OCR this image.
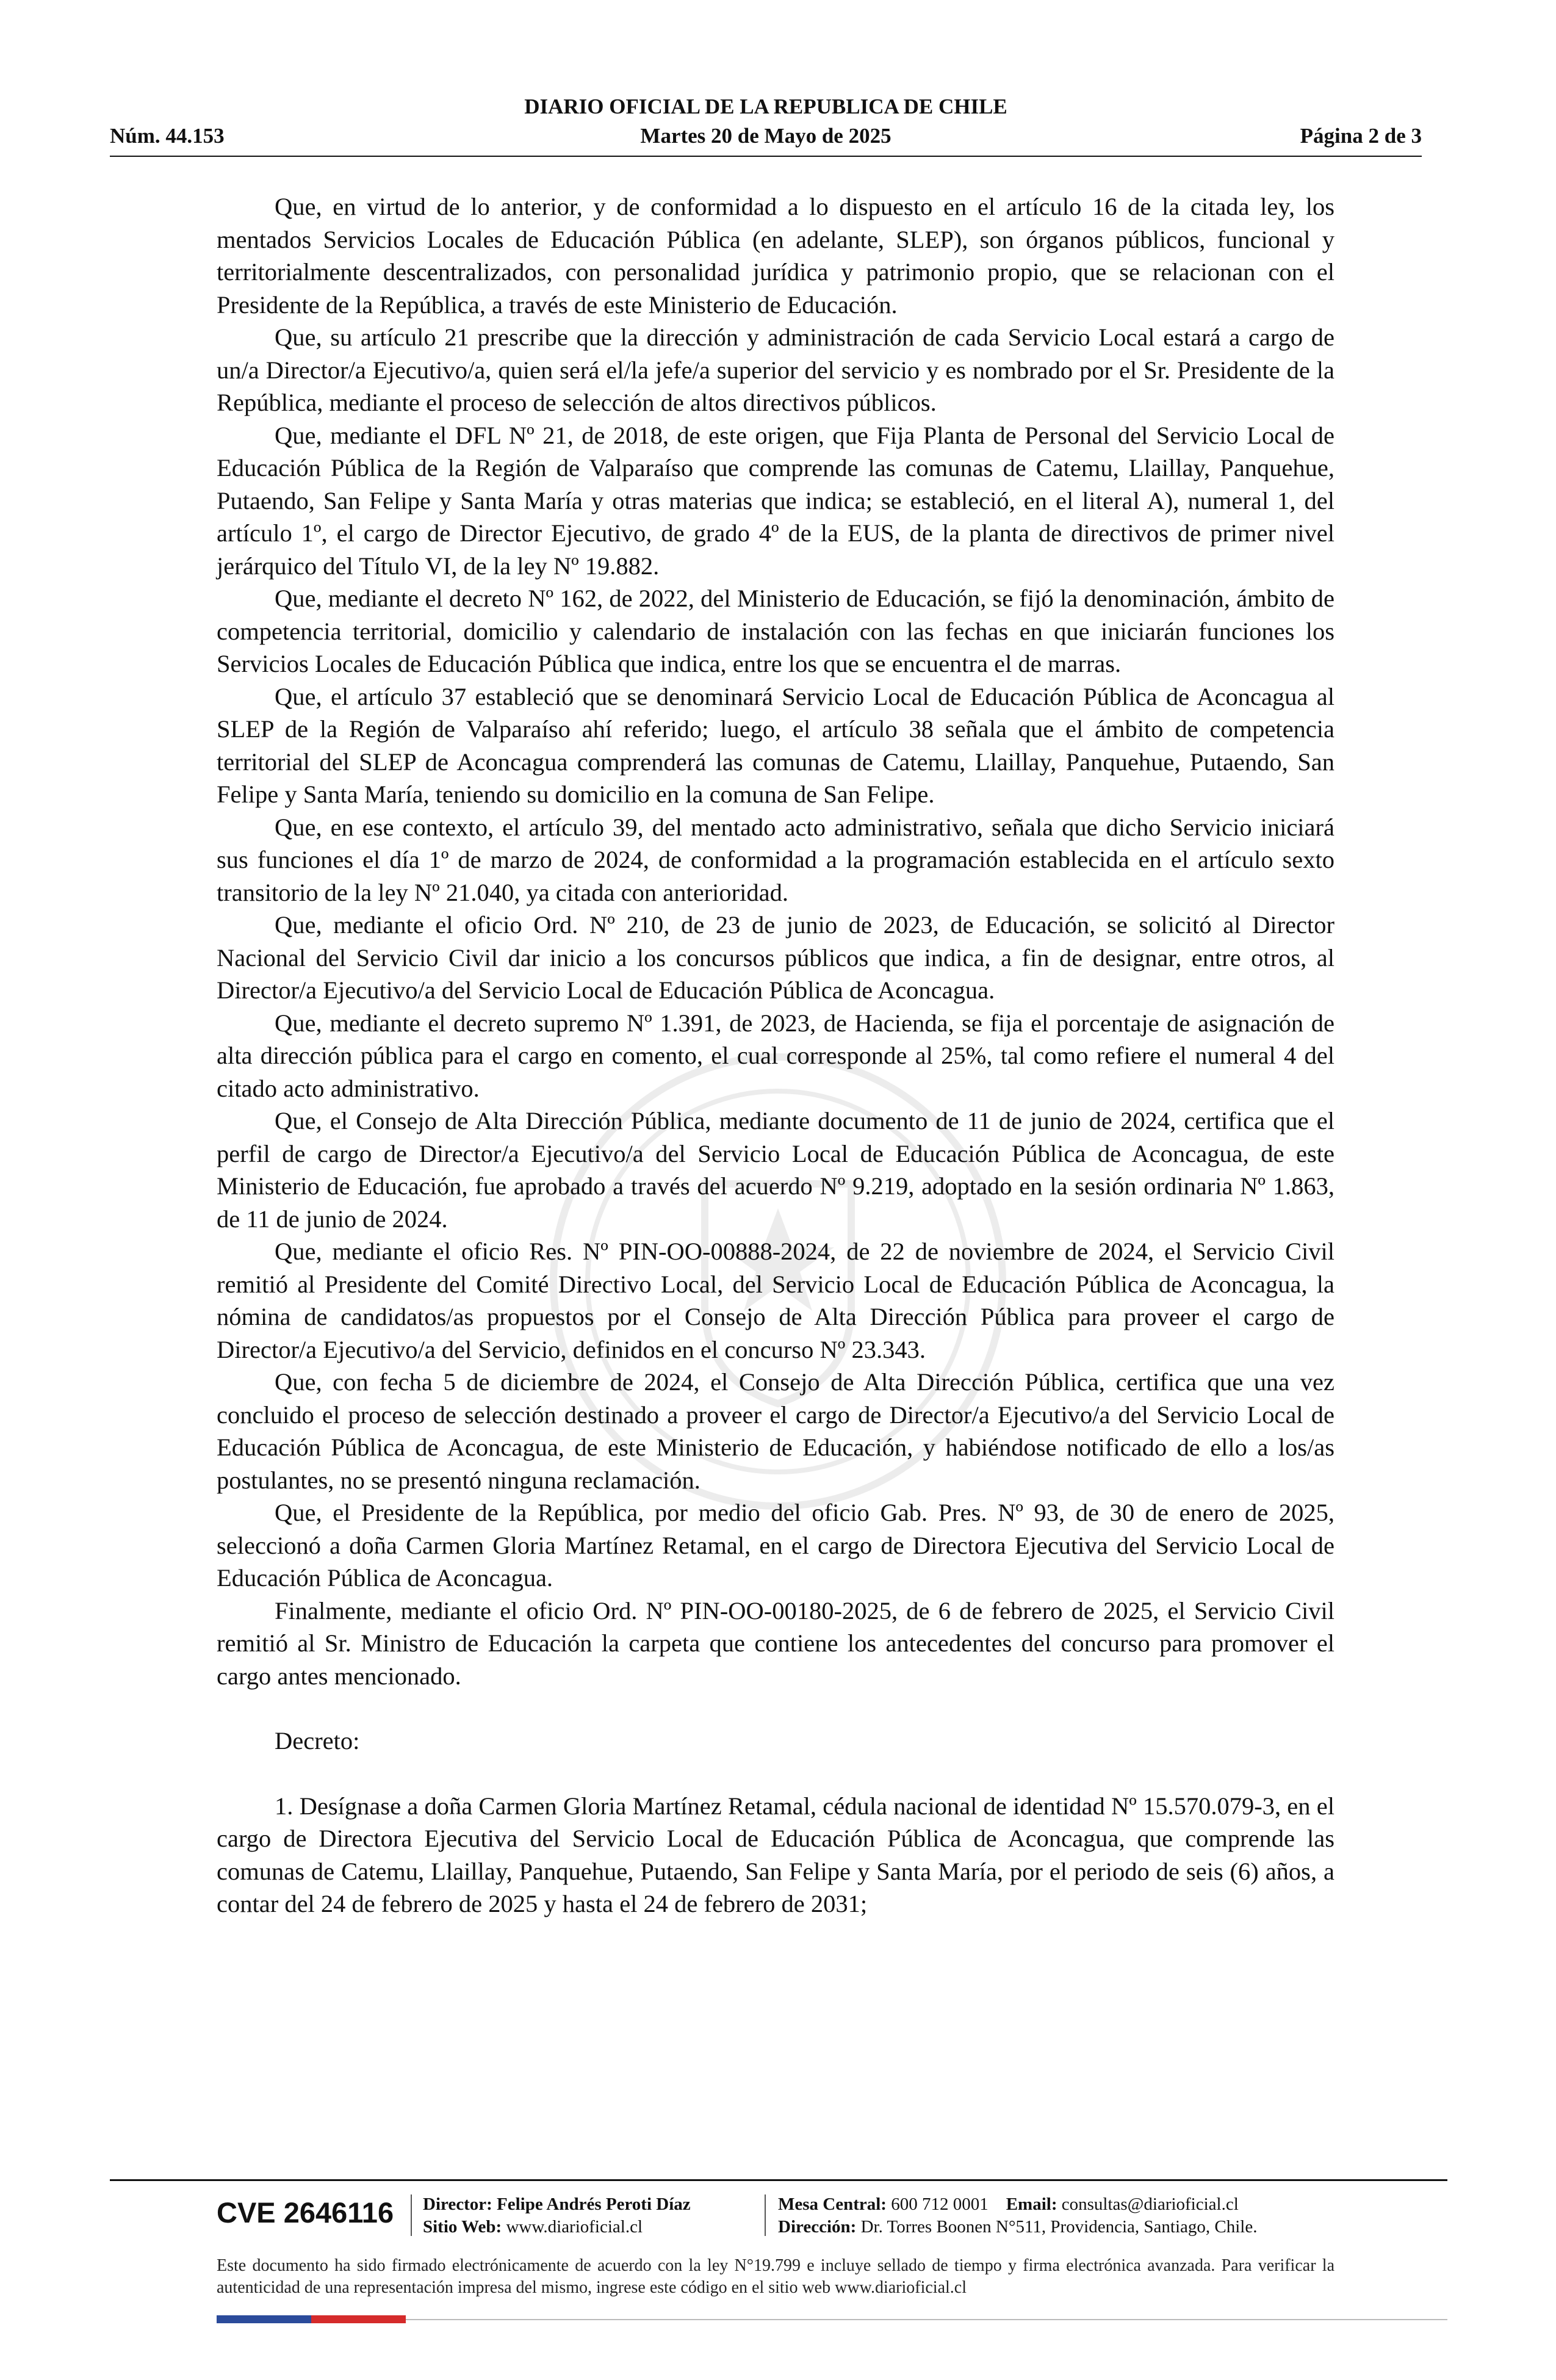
Núm. 44.153
DIARIO OFICIAL DE LA REPUBLICA DE CHILE
Martes 20 de Mayo de 2025	Página 2 de 3

Que, en virtud de lo anterior, y de conformidad a lo dispuesto en el artículo 16 de la citada ley, los mentados Servicios Locales de Educación Pública (en adelante, SLEP), son órganos públicos, funcional y territorialmente descentralizados, con personalidad jurídica y patrimonio propio, que se relacionan con el Presidente de la República, a través de este Ministerio de Educación.

Que, su artículo 21 prescribe que la dirección y administración de cada Servicio Local estará a cargo de un/a Director/a Ejecutivo/a, quien será el/la jefe/a superior del servicio y es nombrado por el Sr. Presidente de la República, mediante el proceso de selección de altos directivos públicos.

Que, mediante el DFL Nº 21, de 2018, de este origen, que Fija Planta de Personal del Servicio Local de Educación Pública de la Región de Valparaíso que comprende las comunas de Catemu, Llaillay, Panquehue, Putaendo, San Felipe y Santa María y otras materias que indica; se estableció, en el literal A), numeral 1, del artículo 1º, el cargo de Director Ejecutivo, de grado 4º de la EUS, de la planta de directivos de primer nivel jerárquico del Título VI, de la ley Nº 19.882.

Que, mediante el decreto Nº 162, de 2022, del Ministerio de Educación, se fijó la denominación, ámbito de competencia territorial, domicilio y calendario de instalación con las fechas en que iniciarán funciones los Servicios Locales de Educación Pública que indica, entre los que se encuentra el de marras.

Que, el artículo 37 estableció que se denominará Servicio Local de Educación Pública de Aconcagua al SLEP de la Región de Valparaíso ahí referido; luego, el artículo 38 señala que el ámbito de competencia territorial del SLEP de Aconcagua comprenderá las comunas de Catemu, Llaillay, Panquehue, Putaendo, San Felipe y Santa María, teniendo su domicilio en la comuna de San Felipe.

Que, en ese contexto, el artículo 39, del mentado acto administrativo, señala que dicho Servicio iniciará sus funciones el día 1º de marzo de 2024, de conformidad a la programación establecida en el artículo sexto transitorio de la ley Nº 21.040, ya citada con anterioridad.

Que, mediante el oficio Ord. Nº 210, de 23 de junio de 2023, de Educación, se solicitó al Director Nacional del Servicio Civil dar inicio a los concursos públicos que indica, a fin de designar, entre otros, al Director/a Ejecutivo/a del Servicio Local de Educación Pública de Aconcagua.

Que, mediante el decreto supremo Nº 1.391, de 2023, de Hacienda, se fija el porcentaje de asignación de alta dirección pública para el cargo en comento, el cual corresponde al 25%, tal como refiere el numeral 4 del citado acto administrativo.

Que, el Consejo de Alta Dirección Pública, mediante documento de 11 de junio de 2024, certifica que el perfil de cargo de Director/a Ejecutivo/a del Servicio Local de Educación Pública de Aconcagua, de este Ministerio de Educación, fue aprobado a través del acuerdo Nº 9.219, adoptado en la sesión ordinaria Nº 1.863, de 11 de junio de 2024.

Que, mediante el oficio Res. Nº PIN-OO-00888-2024, de 22 de noviembre de 2024, el Servicio Civil remitió al Presidente del Comité Directivo Local, del Servicio Local de Educación Pública de Aconcagua, la nómina de candidatos/as propuestos por el Consejo de Alta Dirección Pública para proveer el cargo de Director/a Ejecutivo/a del Servicio, definidos en el concurso Nº 23.343.

Que, con fecha 5 de diciembre de 2024, el Consejo de Alta Dirección Pública, certifica que una vez concluido el proceso de selección destinado a proveer el cargo de Director/a Ejecutivo/a del Servicio Local de Educación Pública de Aconcagua, de este Ministerio de Educación, y habiéndose notificado de ello a los/as postulantes, no se presentó ninguna reclamación.

Que, el Presidente de la República, por medio del oficio Gab. Pres. Nº 93, de 30 de enero de 2025, seleccionó a doña Carmen Gloria Martínez Retamal, en el cargo de Directora Ejecutiva del Servicio Local de Educación Pública de Aconcagua.

Finalmente, mediante el oficio Ord. Nº PIN-OO-00180-2025, de 6 de febrero de 2025, el Servicio Civil remitió al Sr. Ministro de Educación la carpeta que contiene los antecedentes del concurso para promover el cargo antes mencionado.

Decreto:

1. Desígnase a doña Carmen Gloria Martínez Retamal, cédula nacional de identidad Nº 15.570.079-3, en el cargo de Directora Ejecutiva del Servicio Local de Educación Pública de Aconcagua, que comprende las comunas de Catemu, Llaillay, Panquehue, Putaendo, San Felipe y Santa María, por el periodo de seis (6) años, a contar del 24 de febrero de 2025 y hasta el 24 de febrero de 2031;

CVE 2646116 Director: Felipe Andrés Peroti Díaz
Sitio Web: www.diarioficial.cl
Mesa Central: 600 712 0001 Email: consultas@diarioficial.cl
Dirección: Dr. Torres Boonen N°511, Providencia, Santiago, Chile.
Este documento ha sido firmado electrónicamente de acuerdo con la ley N°19.799 e incluye sellado de tiempo y firma electrónica avanzada. Para verificar la autenticidad de una representación impresa del mismo, ingrese este código en el sitio web www.diarioficial.cl
